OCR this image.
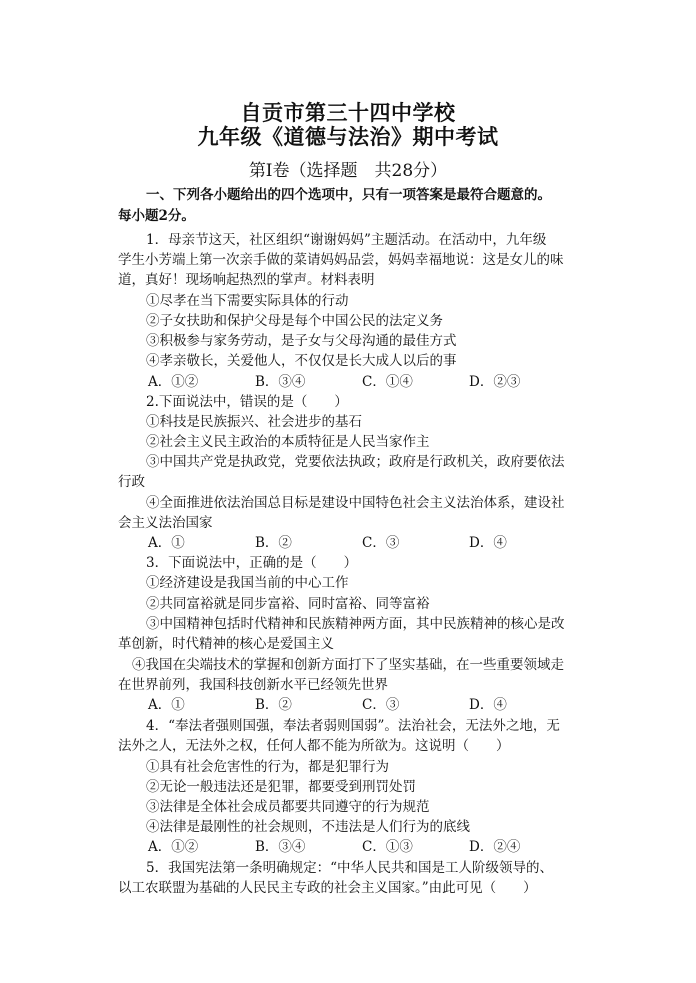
自贡市第三十四中学校
九年级《道德与法治》期中考试
第Ⅰ卷（选择题　共28分）
一、下列各小题给出的四个选项中，只有一项答案是最符合题意的。
每小题2分。
1．母亲节这天，社区组织“谢谢妈妈”主题活动。在活动中，九年级
学生小芳端上第一次亲手做的菜请妈妈品尝，妈妈幸福地说：这是女儿的味
道，真好！现场响起热烈的掌声。材料表明
①尽孝在当下需要实际具体的行动
②子女扶助和保护父母是每个中国公民的法定义务
③积极参与家务劳动，是子女与父母沟通的最佳方式
④孝亲敬长，关爱他人，不仅仅是长大成人以后的事
A．①②	B．③④	C．①④	D．②③
2.下面说法中，错误的是（　　）
①科技是民族振兴、社会进步的基石
②社会主义民主政治的本质特征是人民当家作主
③中国共产党是执政党，党要依法执政；政府是行政机关，政府要依法
行政
④全面推进依法治国总目标是建设中国特色社会主义法治体系，建设社
会主义法治国家
A．①	B．②	C．③	D．④
3．下面说法中，正确的是（　　）
①经济建设是我国当前的中心工作
②共同富裕就是同步富裕、同时富裕、同等富裕
③中国精神包括时代精神和民族精神两方面，其中民族精神的核心是改
革创新，时代精神的核心是爱国主义
④我国在尖端技术的掌握和创新方面打下了坚实基础，在一些重要领域走
在世界前列，我国科技创新水平已经领先世界
A．①	B．②	C．③	D．④
4．“奉法者强则国强，奉法者弱则国弱”。法治社会，无法外之地，无
法外之人，无法外之权，任何人都不能为所欲为。这说明（　　）
①具有社会危害性的行为，都是犯罪行为
②无论一般违法还是犯罪，都要受到刑罚处罚
③法律是全体社会成员都要共同遵守的行为规范
④法律是最刚性的社会规则，不违法是人们行为的底线
A．①②	B．③④	C．①③	D．②④
5．我国宪法第一条明确规定：“中华人民共和国是工人阶级领导的、
以工农联盟为基础的人民民主专政的社会主义国家。”由此可见（　　）
